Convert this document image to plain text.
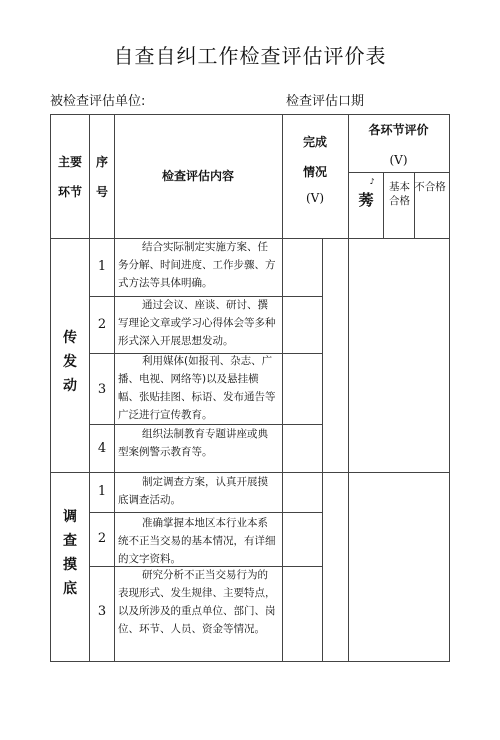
自查自纠工作检查评估评价表
被检查评估单位:	检查评估口期
主要
环节
序
号
检查评估内容
完成
情况
(V)
各环节评价
(V)
♪
莠
基本合格
不合格
传
发
动
1
结合实际制定实施方案、任务分解、时间进度、工作步骤、方式方法等具体明确。
2
通过会议、座谈、研讨、撰写理论文章或学习心得体会等多种形式深入开展思想发动。
3
利用媒体(如报刊、杂志、广播、电视、网络等)以及悬挂横幅、张贴挂图、标语、发布通告等广泛进行宣传教育。
4
组织法制教育专题讲座或典型案例警示教育等。
调
查
摸
底
1
制定调查方案，认真开展摸底调查活动。
2
准确掌握本地区本行业本系统不正当交易的基本情况，有详细的文字资料。
3
研究分析不正当交易行为的表现形式、发生规律、主要特点，以及所涉及的重点单位、部门、岗位、环节、人员、资金等情况。
